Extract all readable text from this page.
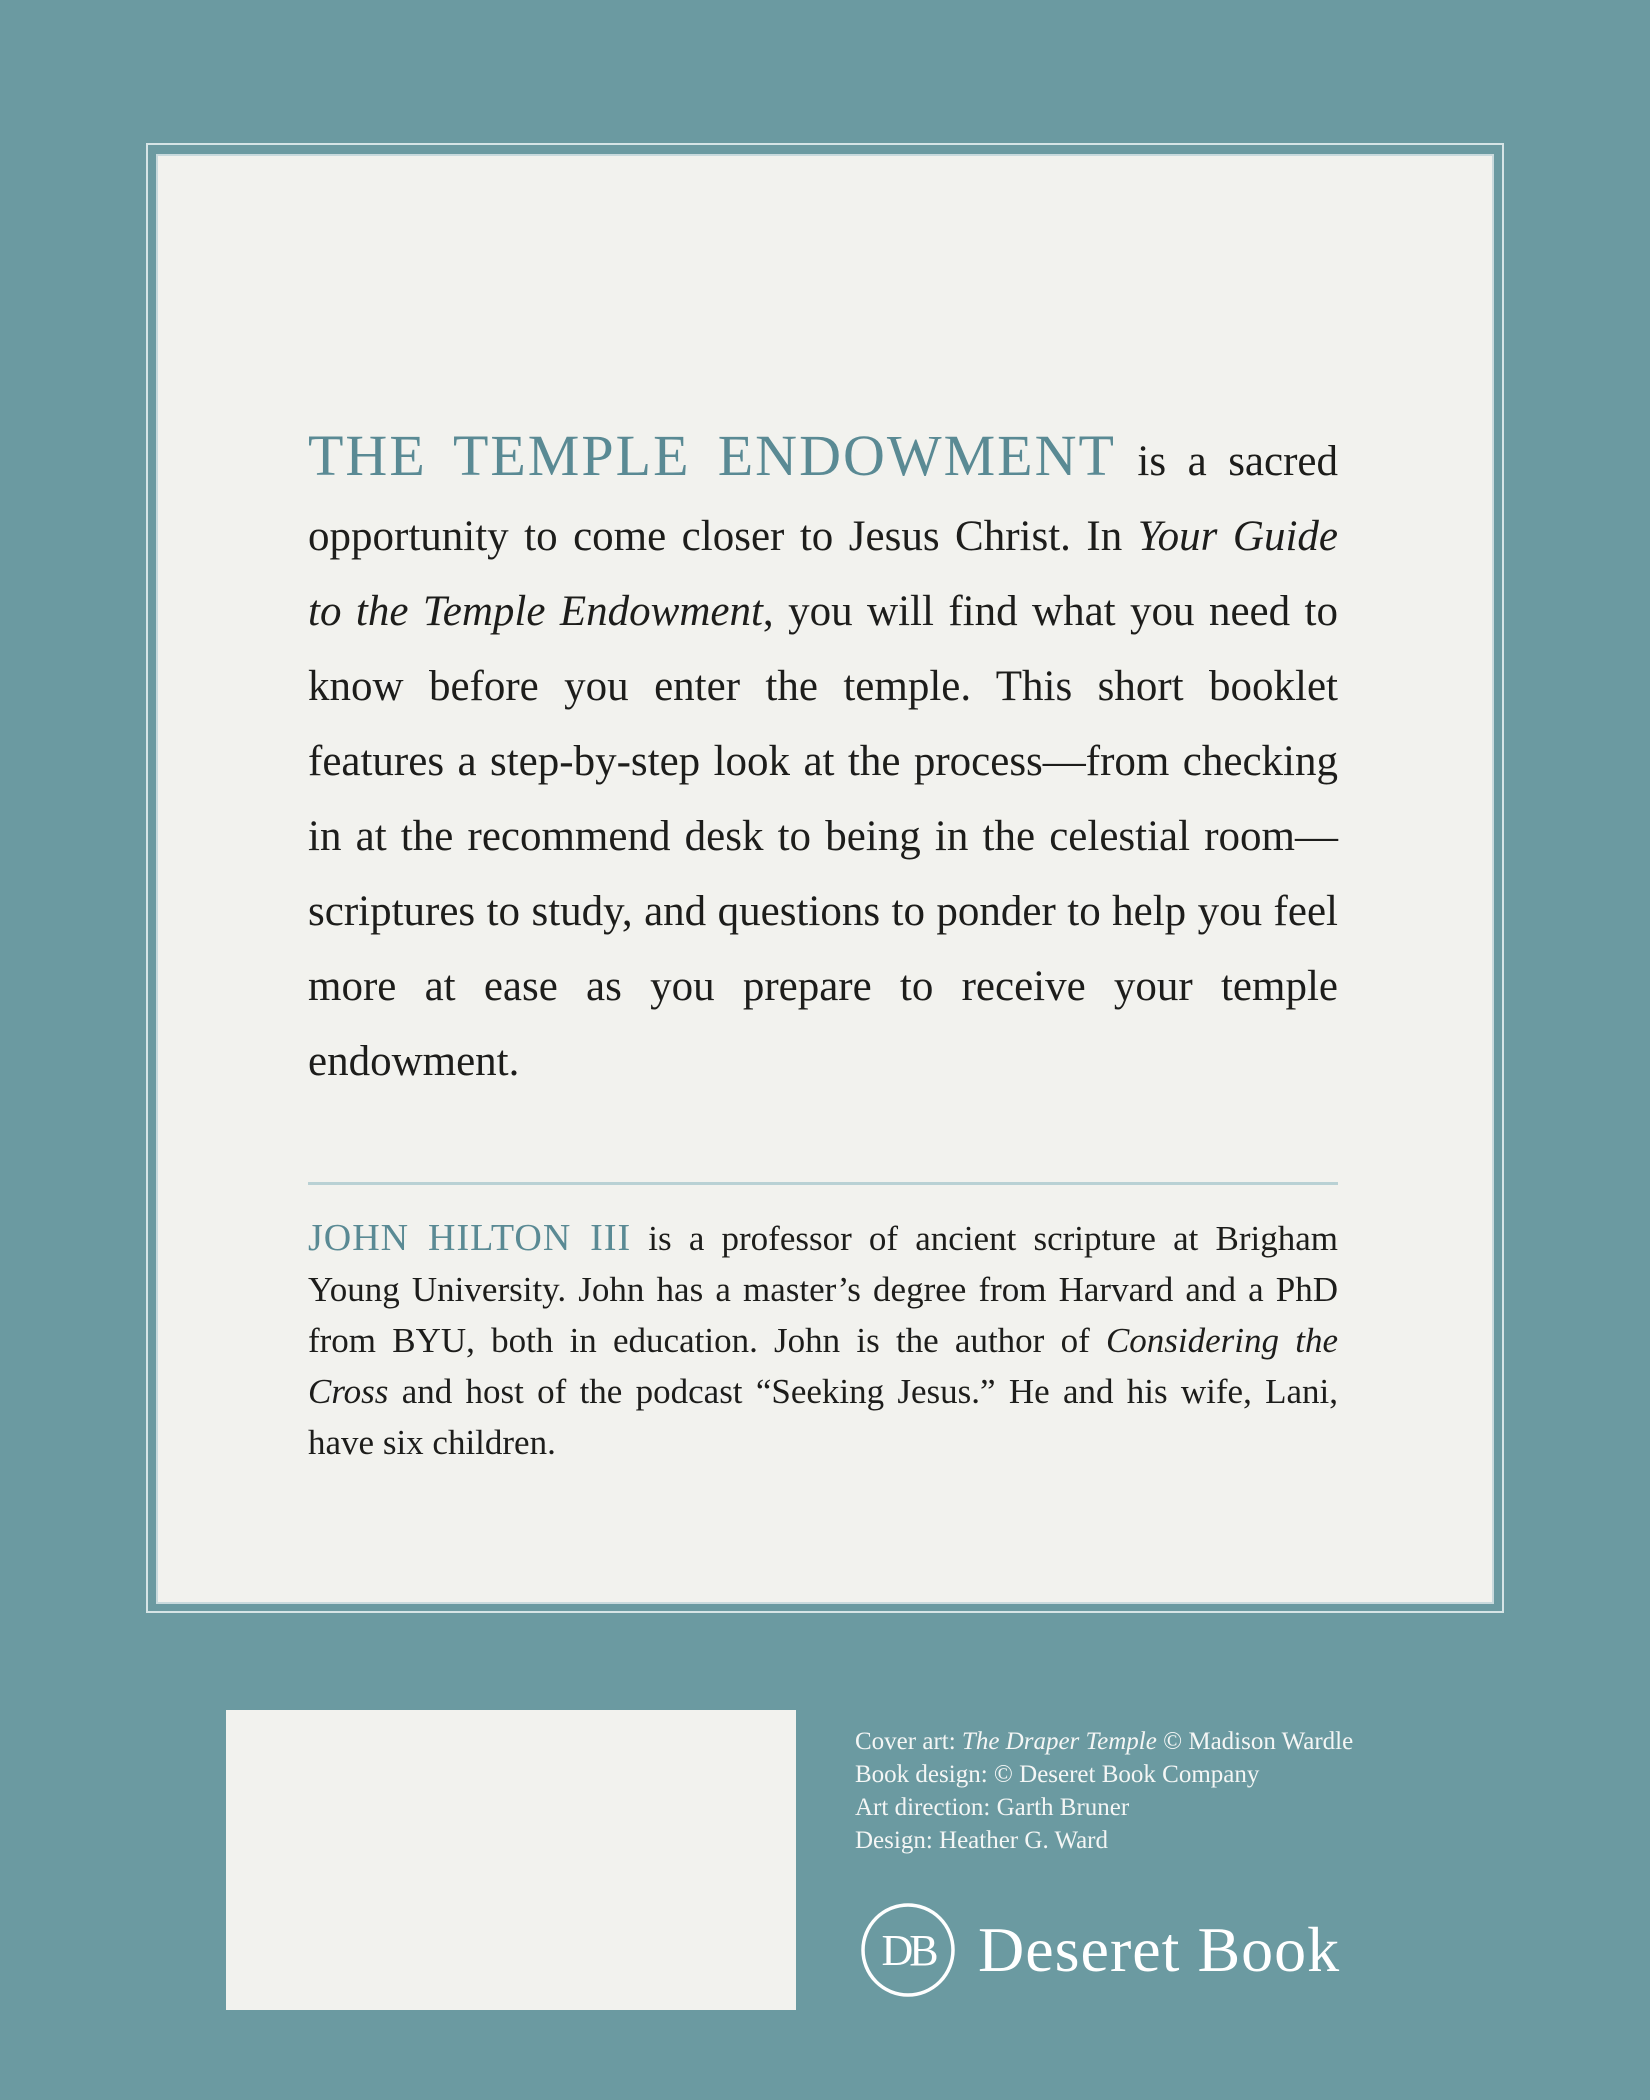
THE TEMPLE ENDOWMENT is a sacred opportunity to come closer to Jesus Christ. In Your Guide to the Temple Endowment, you will find what you need to know before you enter the temple. This short booklet features a step-by-step look at the process—from checking in at the recommend desk to being in the celestial room—scriptures to study, and questions to ponder to help you feel more at ease as you prepare to receive your temple endowment.

JOHN HILTON III is a professor of ancient scripture at Brigham Young University. John has a master’s degree from Harvard and a PhD from BYU, both in education. John is the author of Considering the Cross and host of the podcast “Seeking Jesus.” He and his wife, Lani, have six children.

Cover art: The Draper Temple © Madison Wardle
Book design: © Deseret Book Company
Art direction: Garth Bruner
Design: Heather G. Ward
DB Deseret Book
